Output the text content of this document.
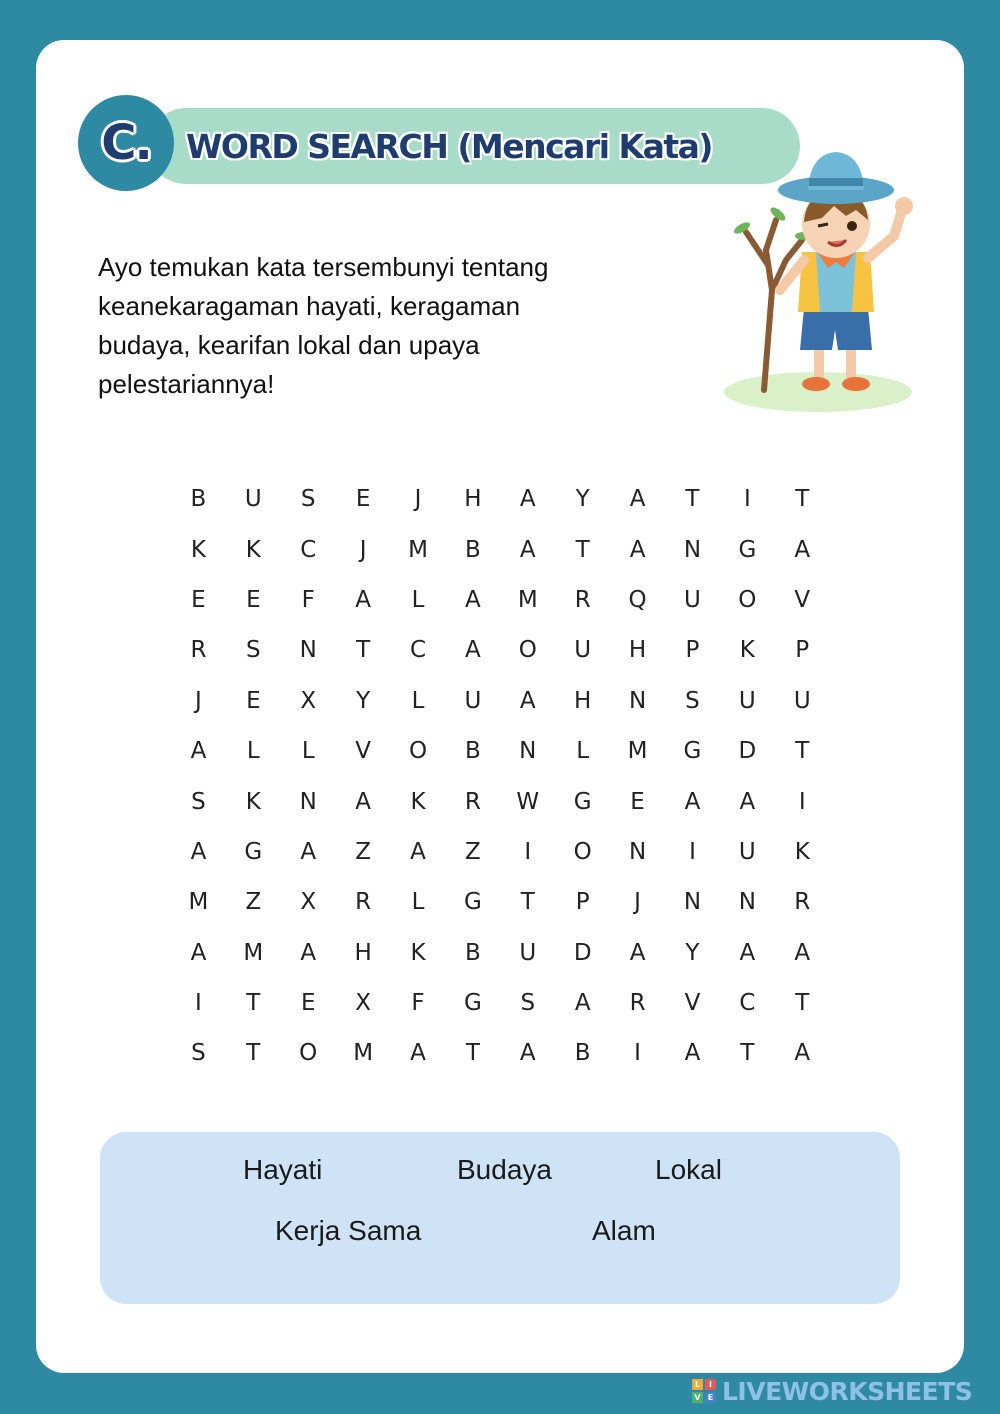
C. WORD SEARCH (Mencari Kata)

Ayo temukan kata tersembunyi tentang
keanekaragaman hayati, keragaman
budaya, kearifan lokal dan upaya
pelestariannya!

B	U	S	E	J	H	A	Y	A	T	I	T
K	K	C	J	M	B	A	T	A	N	G	A
E	E	F	A	L	A	M	R	Q	U	O	V
R	S	N	T	C	A	O	U	H	P	K	P
J	E	X	Y	L	U	A	H	N	S	U	U
A	L	L	V	O	B	N	L	M	G	D	T
S	K	N	A	K	R	W	G	E	A	A	I
A	G	A	Z	A	Z	I	O	N	I	U	K
M	Z	X	R	L	G	T	P	J	N	N	R
A	M	A	H	K	B	U	D	A	Y	A	A
I	T	E	X	F	G	S	A	R	V	C	T
S	T	O	M	A	T	A	B	I	A	T	A
Hayati	Budaya	Lokal
Kerja Sama	Alam
L	I
V E LIVEWORKSHEETS
